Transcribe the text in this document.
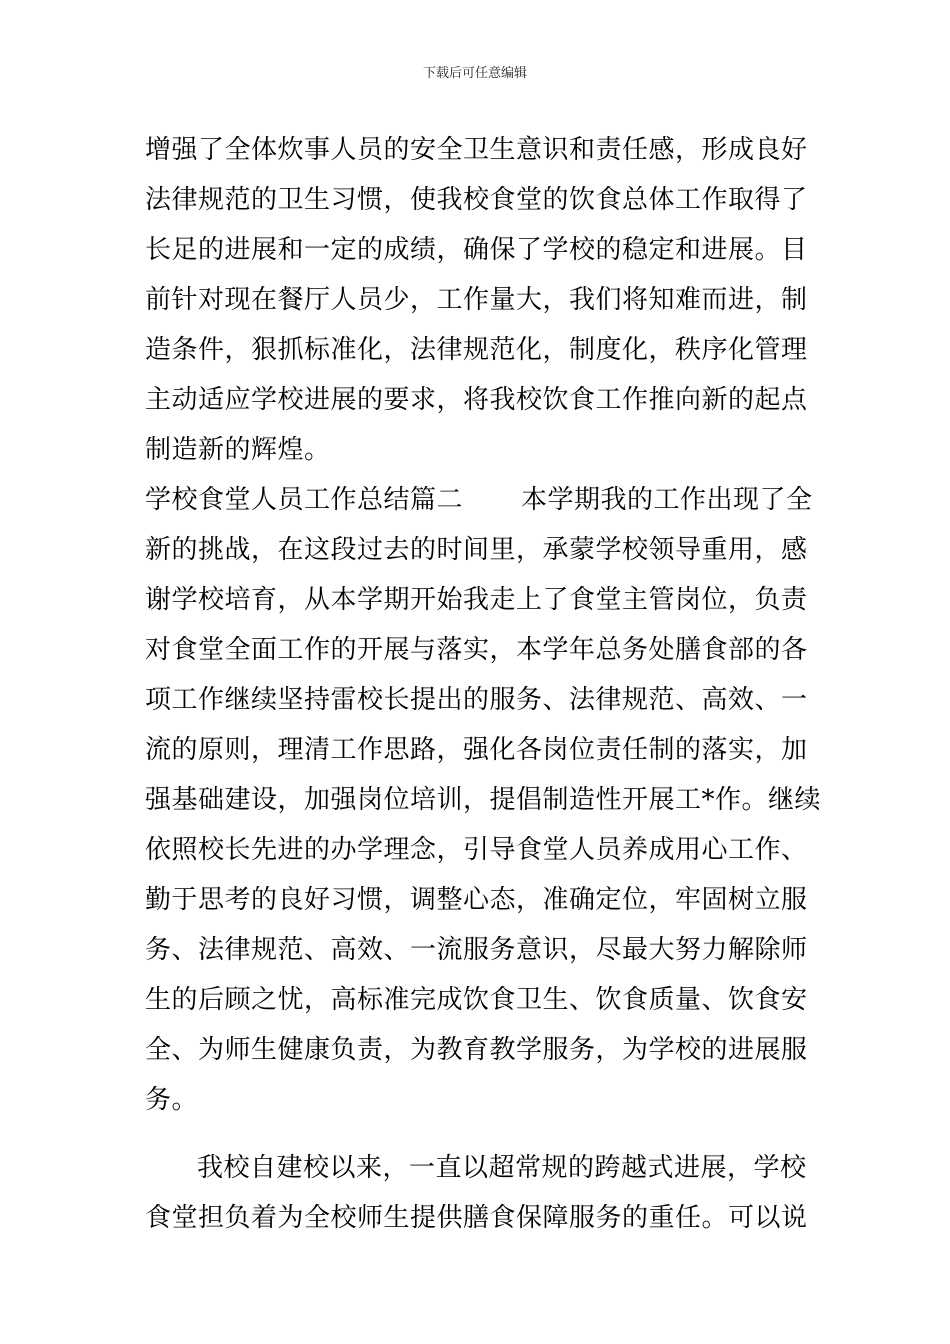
下载后可任意编辑
增强了全体炊事人员的安全卫生意识和责任感，形成良好
法律规范的卫生习惯，使我校食堂的饮食总体工作取得了
长足的进展和一定的成绩，确保了学校的稳定和进展。目
前针对现在餐厅人员少，工作量大，我们将知难而进，制
造条件，狠抓标准化，法律规范化，制度化，秩序化管理
主动适应学校进展的要求，将我校饮食工作推向新的起点
制造新的辉煌。
学校食堂人员工作总结篇二 本学期我的工作出现了全
新的挑战，在这段过去的时间里，承蒙学校领导重用，感
谢学校培育，从本学期开始我走上了食堂主管岗位，负责
对食堂全面工作的开展与落实，本学年总务处膳食部的各
项工作继续坚持雷校长提出的服务、法律规范、高效、一
流的原则，理清工作思路，强化各岗位责任制的落实，加
强基础建设，加强岗位培训，提倡制造性开展工*作。继续
依照校长先进的办学理念，引导食堂人员养成用心工作、
勤于思考的良好习惯，调整心态，准确定位，牢固树立服
务、法律规范、高效、一流服务意识，尽最大努力解除师
生的后顾之忧，高标准完成饮食卫生、饮食质量、饮食安
全、为师生健康负责，为教育教学服务，为学校的进展服
务。
我校自建校以来，一直以超常规的跨越式进展，学校
食堂担负着为全校师生提供膳食保障服务的重任。可以说
